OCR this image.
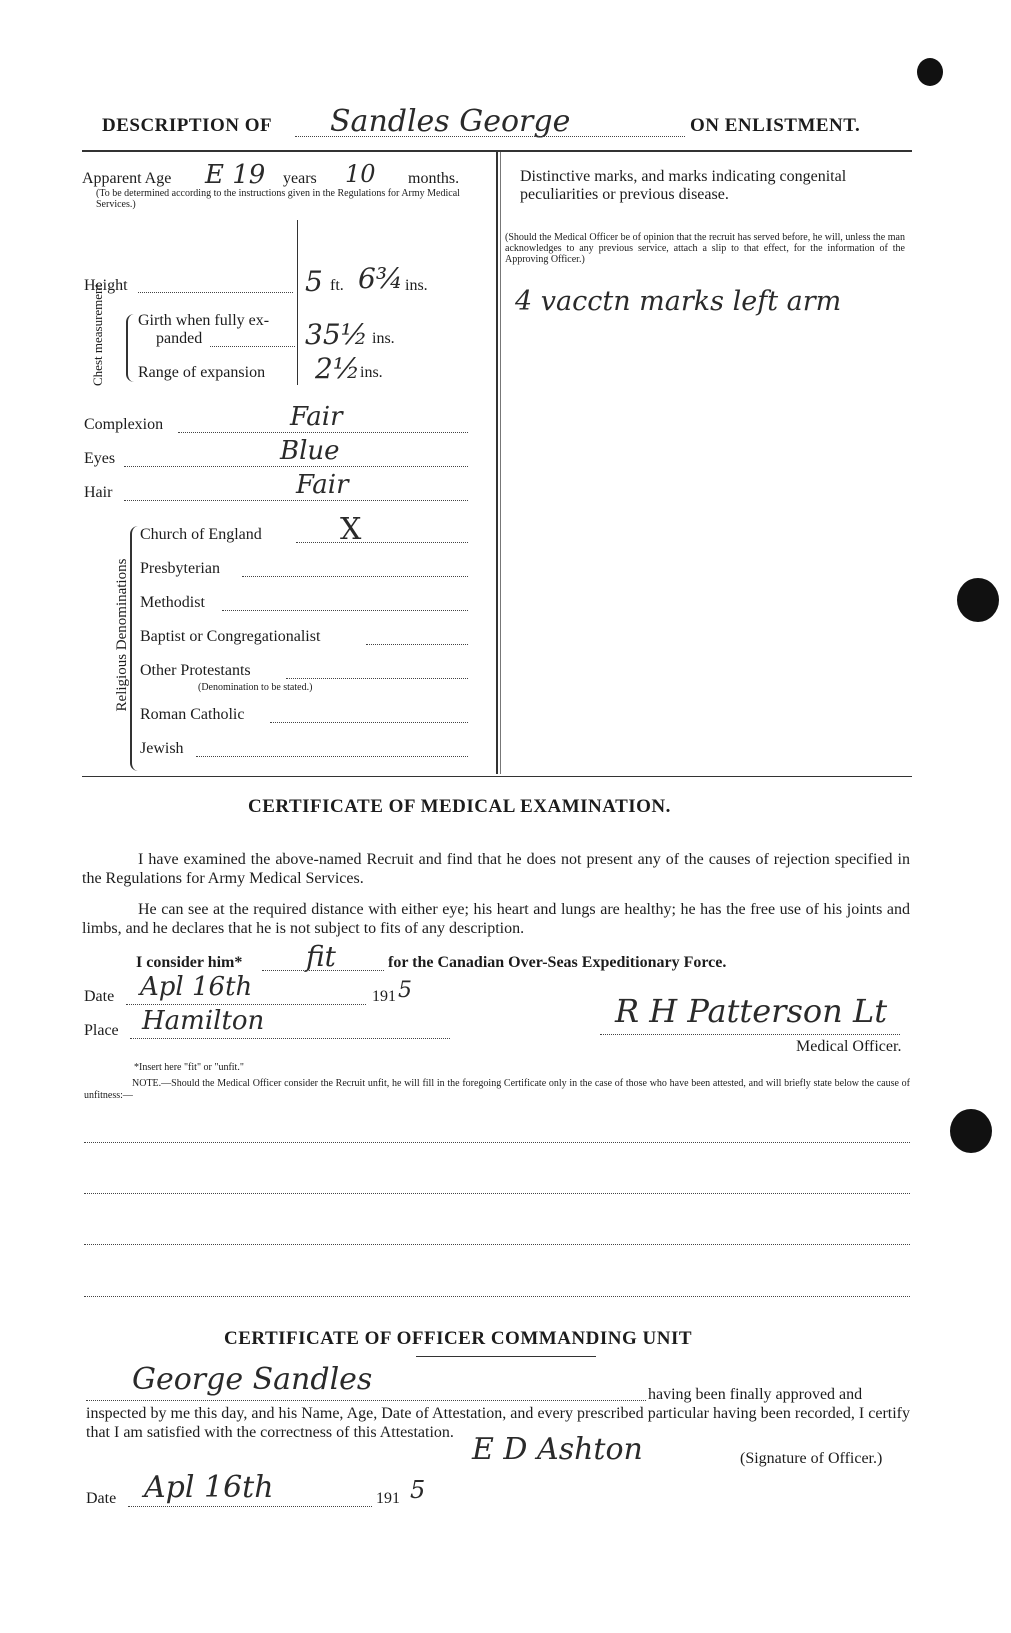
DESCRIPTION OF Sandles George	ON ENLISTMENT.
Apparent Age E 19 years 10 months.
(To be determined according to the instructions given in the Regulations for Army Medical Services.)
Height	5 ft. 6¾ ins.
Chest measurement Girth when fully ex-
panded	35½ ins.
Range of expansion 2½ ins.
Complexion	Fair
Eyes	Blue
Hair	Fair
Religious Denominations
Church of England	X
Presbyterian
Methodist
Baptist or Congregationalist
Other Protestants
(Denomination to be stated.)
Roman Catholic
Jewish
Distinctive marks, and marks indicating congenital peculiarities or previous disease.
(Should the Medical Officer be of opinion that the recruit has served before, he will, unless the man acknowledges to any previous service, attach a slip to that effect, for the information of the Approving Officer.)
4 vacctn marks left arm
CERTIFICATE OF MEDICAL EXAMINATION.
I have examined the above-named Recruit and find that he does not present any of the causes of rejection specified in the Regulations for Army Medical Services.
He can see at the required distance with either eye; his heart and lungs are healthy; he has the free use of his joints and limbs, and he declares that he is not subject to fits of any description.
I consider him* fit	for the Canadian Over-Seas Expeditionary Force.
Date Apl 16th	191 5
Place Hamilton	R H Patterson Lt
Medical Officer.
*Insert here "fit" or "unfit."
NOTE.—Should the Medical Officer consider the Recruit unfit, he will fill in the foregoing Certificate only in the case of those who have been attested, and will briefly state below the cause of unfitness:—
CERTIFICATE OF OFFICER COMMANDING UNIT
George Sandles	having been finally approved and
inspected by me this day, and his Name, Age, Date of Attestation, and every prescribed particular having been recorded, I certify that I am satisfied with the correctness of this Attestation. E D Ashton	(Signature of Officer.)
Date Apl 16th	191 5
